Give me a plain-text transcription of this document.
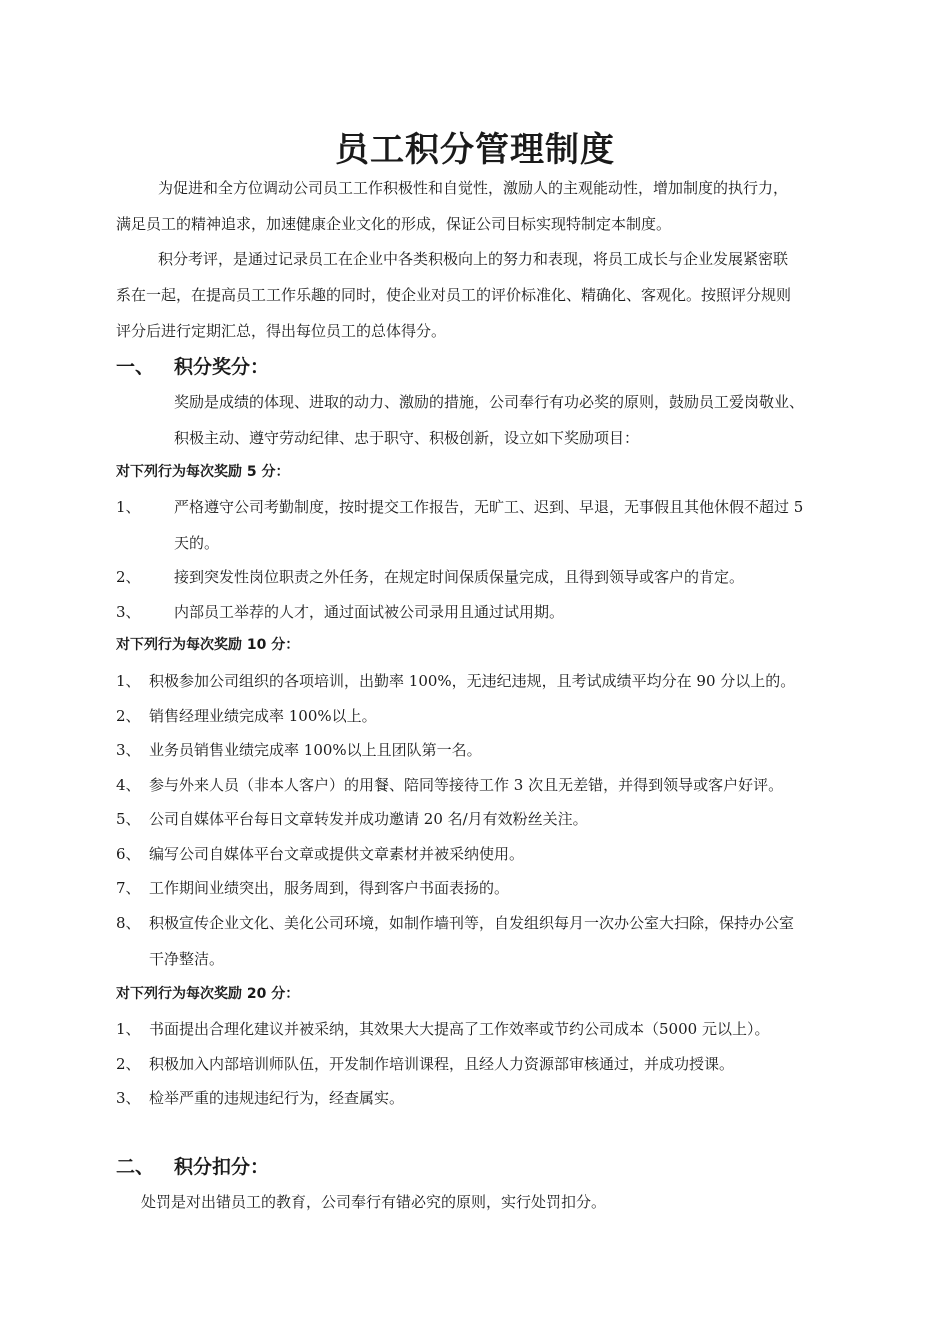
员工积分管理制度
为促进和全方位调动公司员工工作积极性和自觉性，激励人的主观能动性，增加制度的执行力，
满足员工的精神追求，加速健康企业文化的形成，保证公司目标实现特制定本制度。
积分考评，是通过记录员工在企业中各类积极向上的努力和表现，将员工成长与企业发展紧密联
系在一起，在提高员工工作乐趣的同时，使企业对员工的评价标准化、精确化、客观化。按照评分规则
评分后进行定期汇总，得出每位员工的总体得分。
一、 积分奖分：
奖励是成绩的体现、进取的动力、激励的措施，公司奉行有功必奖的原则，鼓励员工爱岗敬业、
积极主动、遵守劳动纪律、忠于职守、积极创新，设立如下奖励项目：
对下列行为每次奖励 5 分：
1、 严格遵守公司考勤制度，按时提交工作报告，无旷工、迟到、早退，无事假且其他休假不超过 5
天的。
2、 接到突发性岗位职责之外任务，在规定时间保质保量完成，且得到领导或客户的肯定。
3、 内部员工举荐的人才，通过面试被公司录用且通过试用期。
对下列行为每次奖励 10 分：
1、 积极参加公司组织的各项培训，出勤率 100%，无违纪违规，且考试成绩平均分在 90 分以上的。
2、 销售经理业绩完成率 100%以上。
3、 业务员销售业绩完成率 100%以上且团队第一名。
4、 参与外来人员（非本人客户）的用餐、陪同等接待工作 3 次且无差错，并得到领导或客户好评。
5、 公司自媒体平台每日文章转发并成功邀请 20 名/月有效粉丝关注。
6、 编写公司自媒体平台文章或提供文章素材并被采纳使用。
7、 工作期间业绩突出，服务周到，得到客户书面表扬的。
8、 积极宣传企业文化、美化公司环境，如制作墙刊等，自发组织每月一次办公室大扫除，保持办公室
干净整洁。
对下列行为每次奖励 20 分：
1、 书面提出合理化建议并被采纳，其效果大大提高了工作效率或节约公司成本（5000 元以上）。
2、 积极加入内部培训师队伍，开发制作培训课程，且经人力资源部审核通过，并成功授课。
3、 检举严重的违规违纪行为，经查属实。
二、 积分扣分：
处罚是对出错员工的教育，公司奉行有错必究的原则，实行处罚扣分。
